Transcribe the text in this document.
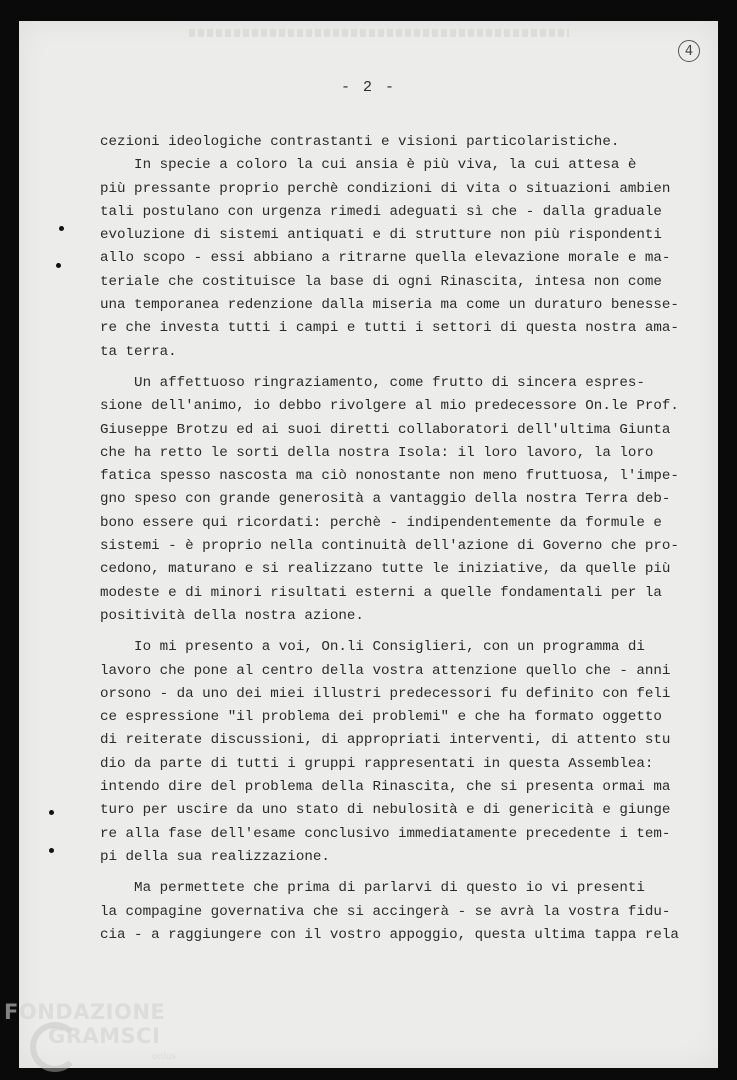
4
- 2 -
cezioni ideologiche contrastanti e visioni particolaristiche.
In specie a coloro la cui ansia è più viva, la cui attesa è
più pressante proprio perchè condizioni di vita o situazioni ambien
tali postulano con urgenza rimedi adeguati sì che - dalla graduale
evoluzione di sistemi antiquati e di strutture non più rispondenti
allo scopo - essi abbiano a ritrarne quella elevazione morale e ma-
teriale che costituisce la base di ogni Rinascita, intesa non come
una temporanea redenzione dalla miseria ma come un duraturo benesse-
re che investa tutti i campi e tutti i settori di questa nostra ama-
ta terra.
Un affettuoso ringraziamento, come frutto di sincera espres-
sione dell'animo, io debbo rivolgere al mio predecessore On.le Prof.
Giuseppe Brotzu ed ai suoi diretti collaboratori dell'ultima Giunta
che ha retto le sorti della nostra Isola: il loro lavoro, la loro
fatica spesso nascosta ma ciò nonostante non meno fruttuosa, l'impe-
gno speso con grande generosità a vantaggio della nostra Terra deb-
bono essere qui ricordati: perchè - indipendentemente da formule e
sistemi - è proprio nella continuità dell'azione di Governo che pro-
cedono, maturano e si realizzano tutte le iniziative, da quelle più
modeste e di minori risultati esterni a quelle fondamentali per la
positività della nostra azione.
Io mi presento a voi, On.li Consiglieri, con un programma di
lavoro che pone al centro della vostra attenzione quello che - anni
orsono - da uno dei miei illustri predecessori fu definito con feli
ce espressione "il problema dei problemi" e che ha formato oggetto
di reiterate discussioni, di appropriati interventi, di attento stu
dio da parte di tutti i gruppi rappresentati in questa Assemblea:
intendo dire del problema della Rinascita, che si presenta ormai ma
turo per uscire da uno stato di nebulosità e di genericità e giunge
re alla fase dell'esame conclusivo immediatamente precedente i tem-
pi della sua realizzazione.
Ma permettete che prima di parlarvi di questo io vi presenti
la compagine governativa che si accingerà - se avrà la vostra fidu-
cia - a raggiungere con il vostro appoggio, questa ultima tappa rela
FONDAZIONE
GRAMSCI
onlus
